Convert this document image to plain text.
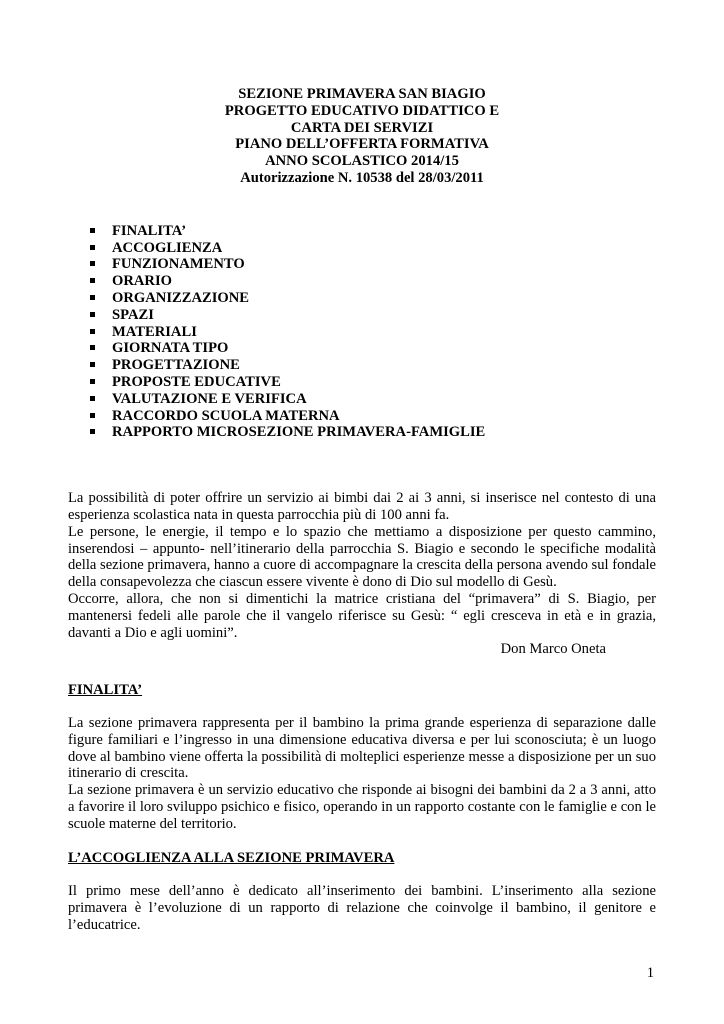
SEZIONE PRIMAVERA SAN BIAGIO
PROGETTO EDUCATIVO DIDATTICO E
CARTA DEI SERVIZI
PIANO DELL’OFFERTA FORMATIVA
ANNO SCOLASTICO 2014/15
Autorizzazione N. 10538 del 28/03/2011
FINALITA’
ACCOGLIENZA
FUNZIONAMENTO
ORARIO
ORGANIZZAZIONE
SPAZI
MATERIALI
GIORNATA TIPO
PROGETTAZIONE
PROPOSTE EDUCATIVE
VALUTAZIONE E VERIFICA
RACCORDO SCUOLA MATERNA
RAPPORTO MICROSEZIONE PRIMAVERA-FAMIGLIE

La possibilità di poter offrire un servizio ai bimbi dai 2 ai 3 anni, si inserisce nel contesto di una esperienza scolastica nata in questa parrocchia più di 100 anni fa.

Le persone, le energie, il tempo e lo spazio che mettiamo a disposizione per questo cammino, inserendosi – appunto- nell’itinerario della parrocchia S. Biagio e secondo le specifiche modalità della sezione primavera, hanno a cuore di accompagnare la crescita della persona avendo sul fondale della consapevolezza che ciascun essere vivente è dono di Dio sul modello di Gesù.

Occorre, allora, che non si dimentichi la matrice cristiana del “primavera” di S. Biagio, per mantenersi fedeli alle parole che il vangelo riferisce su Gesù: “ egli cresceva in età e in grazia, davanti a Dio e agli uomini”.

Don Marco Oneta
FINALITA’

La sezione primavera rappresenta per il bambino la prima grande esperienza di separazione dalle figure familiari e l’ingresso in una dimensione educativa diversa e per lui sconosciuta; è un luogo dove al bambino viene offerta la possibilità di molteplici esperienze messe a disposizione per un suo itinerario di crescita.

La sezione primavera è un servizio educativo che risponde ai bisogni dei bambini da 2 a 3 anni, atto a favorire il loro sviluppo psichico e fisico, operando in un rapporto costante con le famiglie e con le scuole materne del territorio.

L’ACCOGLIENZA ALLA SEZIONE PRIMAVERA

Il primo mese dell’anno è dedicato all’inserimento dei bambini. L’inserimento alla sezione primavera è l’evoluzione di un rapporto di relazione che coinvolge il bambino, il genitore e l’educatrice.

1
